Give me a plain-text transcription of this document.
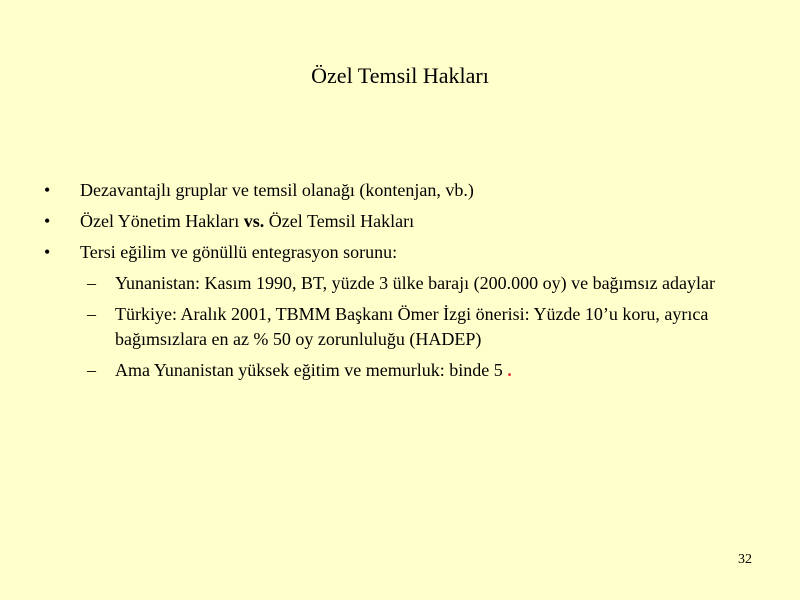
Özel Temsil Hakları
•	Dezavantajlı gruplar ve temsil olanağı (kontenjan, vb.)
•	Özel Yönetim Hakları vs. Özel Temsil Hakları
•	Tersi eğilim ve gönüllü entegrasyon sorunu:
– Yunanistan: Kasım 1990, BT, yüzde 3 ülke barajı (200.000 oy) ve bağımsız adaylar
– Türkiye: Aralık 2001, TBMM Başkanı Ömer İzgi önerisi: Yüzde 10’u koru, ayrıca bağımsızlara en az % 50 oy zorunluluğu (HADEP)
– Ama Yunanistan yüksek eğitim ve memurluk: binde 5 .
32
